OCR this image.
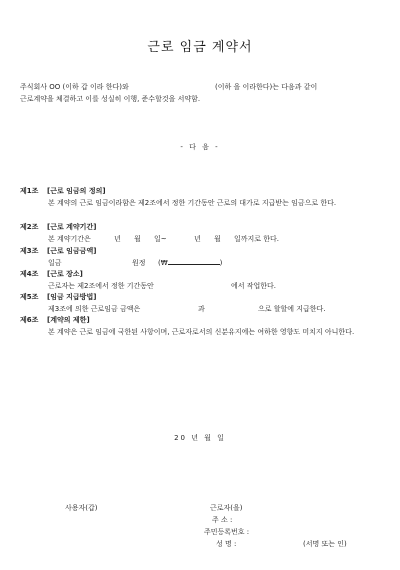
근로 임금 계약서
주식회사 OO (이하 갑 이라 한다)와	(이하 을 이라한다)는 다음과 같이
근로계약을 체결하고 이를 성실히 이행, 준수할것을 서약함.
- 다 음 -
제1조 [근로 임금의 정의]
본 계약의 근로 임금이라함은 제2조에서 정한 기간동안 근로의 대가로 지급받는 임금으로 한다.
제2조 [근로 계약기간]
본 계약기간은	년 월 일~	년 월 일까지로 한다.
제3조 [근로 임금금액]
일금	원정 (₩	)
제4조 [근로 장소]
근로자는 제2조에서 정한 기간동안	에서 작업한다.
제5조 [임금 지급방법]
제3조에 의한 근로임금 금액은	과	으로 할할에 지급한다.
제6조 [계약의 제한]
본 계약은 근로 임금에 국한된 사항이며, 근로자로서의 신분유지에는 여하한 영향도 미치지 아니한다.
20 년 월 일
사용자(갑)	근로자(을)
주 소 :
주민등록번호 :
성 명 :	(서명 또는 인)
